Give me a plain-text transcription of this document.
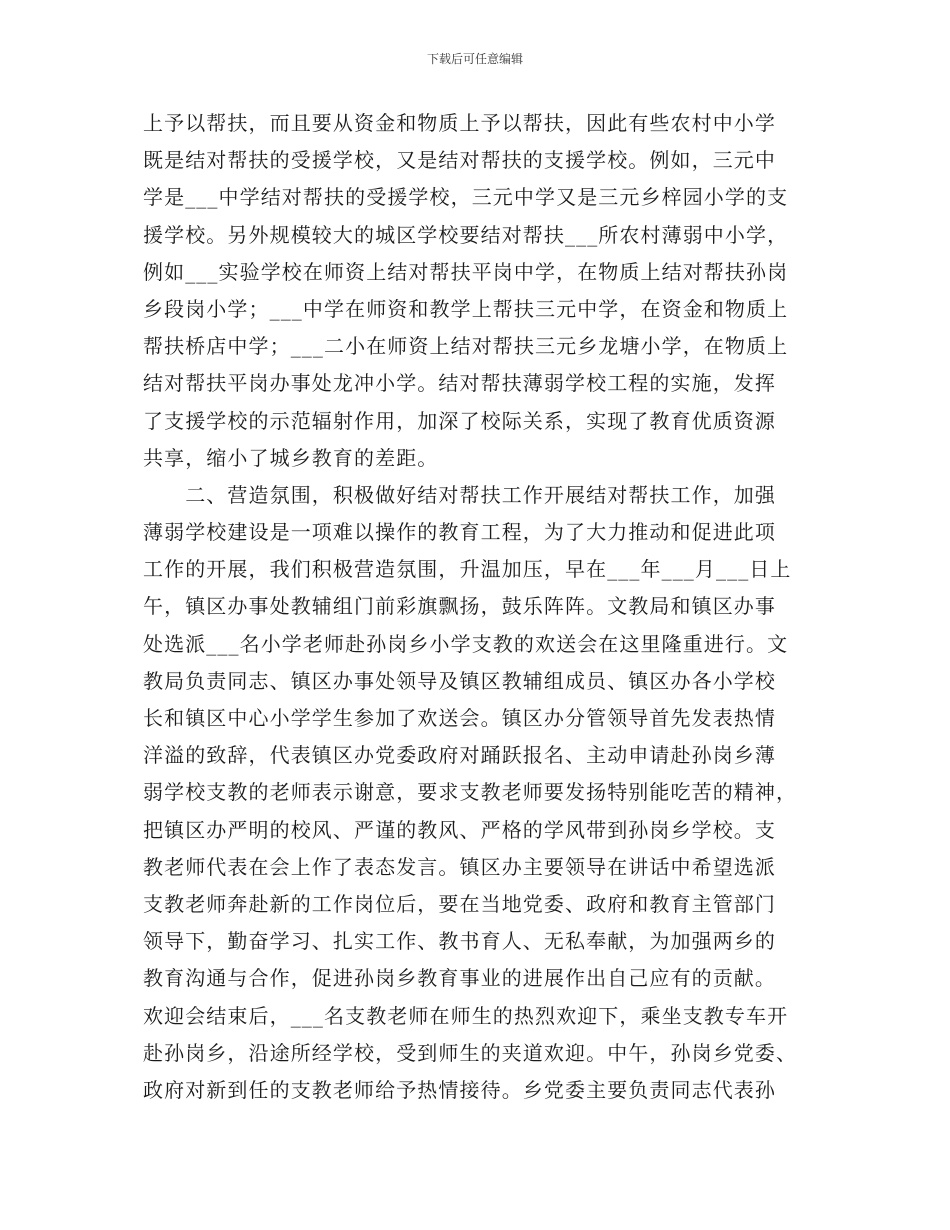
下载后可任意编辑
上予以帮扶，而且要从资金和物质上予以帮扶，因此有些农村中小学
既是结对帮扶的受援学校，又是结对帮扶的支援学校。例如，三元中
学是___中学结对帮扶的受援学校，三元中学又是三元乡梓园小学的支
援学校。另外规模较大的城区学校要结对帮扶___所农村薄弱中小学，
例如___实验学校在师资上结对帮扶平岗中学，在物质上结对帮扶孙岗
乡段岗小学；___中学在师资和教学上帮扶三元中学，在资金和物质上
帮扶桥店中学；___二小在师资上结对帮扶三元乡龙塘小学，在物质上
结对帮扶平岗办事处龙冲小学。结对帮扶薄弱学校工程的实施，发挥
了支援学校的示范辐射作用，加深了校际关系，实现了教育优质资源
共享，缩小了城乡教育的差距。
　　二、营造氛围，积极做好结对帮扶工作开展结对帮扶工作，加强
薄弱学校建设是一项难以操作的教育工程，为了大力推动和促进此项
工作的开展，我们积极营造氛围，升温加压，早在___年___月___日上
午，镇区办事处教辅组门前彩旗飘扬，鼓乐阵阵。文教局和镇区办事
处选派___名小学老师赴孙岗乡小学支教的欢送会在这里隆重进行。文
教局负责同志、镇区办事处领导及镇区教辅组成员、镇区办各小学校
长和镇区中心小学学生参加了欢送会。镇区办分管领导首先发表热情
洋溢的致辞，代表镇区办党委政府对踊跃报名、主动申请赴孙岗乡薄
弱学校支教的老师表示谢意，要求支教老师要发扬特别能吃苦的精神，
把镇区办严明的校风、严谨的教风、严格的学风带到孙岗乡学校。支
教老师代表在会上作了表态发言。镇区办主要领导在讲话中希望选派
支教老师奔赴新的工作岗位后，要在当地党委、政府和教育主管部门
领导下，勤奋学习、扎实工作、教书育人、无私奉献，为加强两乡的
教育沟通与合作，促进孙岗乡教育事业的进展作出自己应有的贡献。
欢迎会结束后，___名支教老师在师生的热烈欢迎下，乘坐支教专车开
赴孙岗乡，沿途所经学校，受到师生的夹道欢迎。中午，孙岗乡党委、
政府对新到任的支教老师给予热情接待。乡党委主要负责同志代表孙
